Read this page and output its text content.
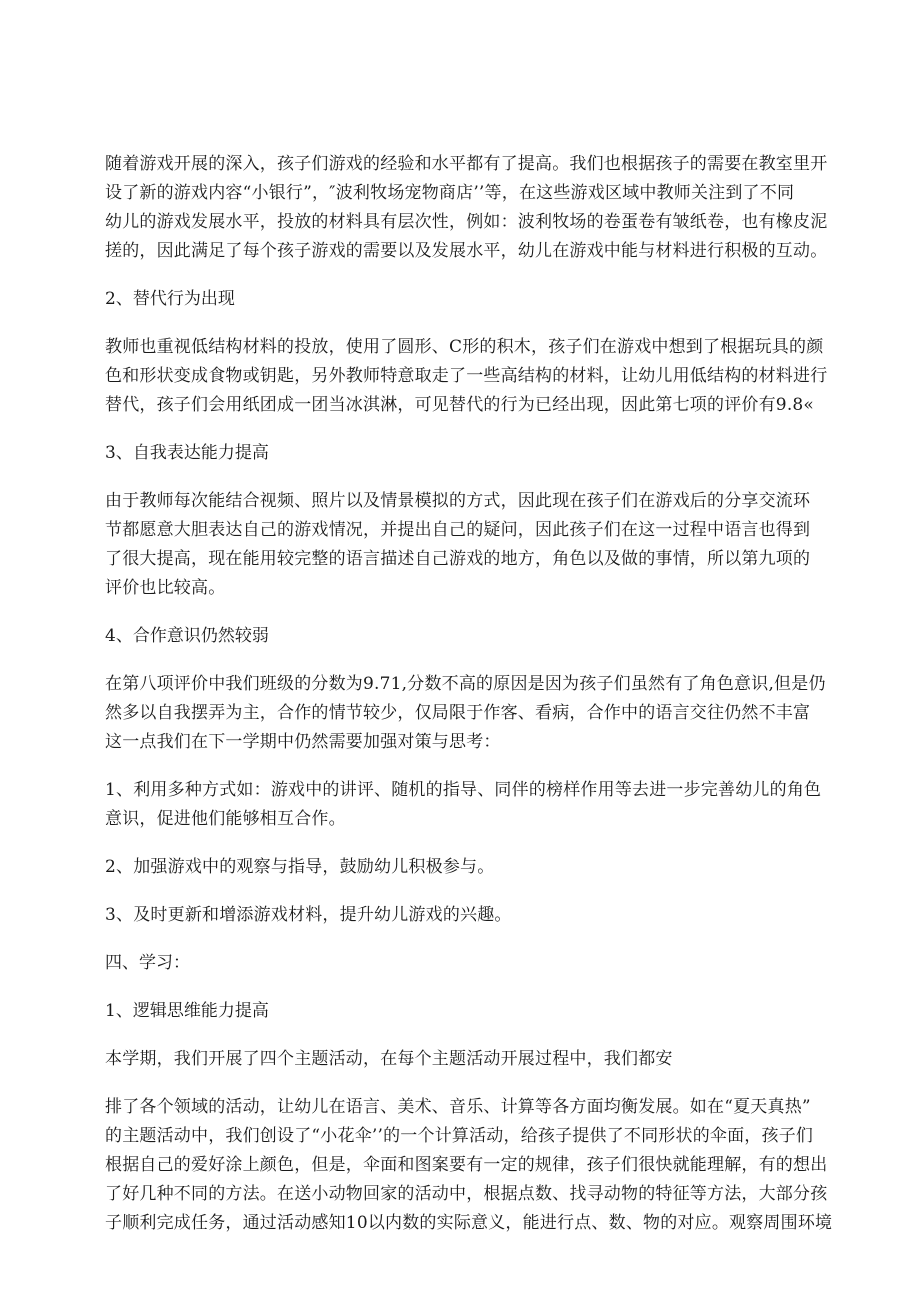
随着游戏开展的深入，孩子们游戏的经验和水平都有了提高。我们也根据孩子的需要在教室里开
设了新的游戏内容“小银行”，″波利牧场宠物商店’’等，在这些游戏区域中教师关注到了不同
幼儿的游戏发展水平，投放的材料具有层次性，例如：波利牧场的卷蛋卷有皱纸卷，也有橡皮泥
搓的，因此满足了每个孩子游戏的需要以及发展水平，幼儿在游戏中能与材料进行积极的互动。
2、替代行为出现
教师也重视低结构材料的投放，使用了圆形、C形的积木，孩子们在游戏中想到了根据玩具的颜
色和形状变成食物或钥匙，另外教师特意取走了一些高结构的材料，让幼儿用低结构的材料进行
替代，孩子们会用纸团成一团当冰淇淋，可见替代的行为已经出现，因此第七项的评价有9.8«
3、自我表达能力提高
由于教师每次能结合视频、照片以及情景模拟的方式，因此现在孩子们在游戏后的分享交流环
节都愿意大胆表达自己的游戏情况，并提出自己的疑问，因此孩子们在这一过程中语言也得到
了很大提高，现在能用较完整的语言描述自己游戏的地方，角色以及做的事情，所以第九项的
评价也比较高。
4、合作意识仍然较弱
在第八项评价中我们班级的分数为9.71,分数不高的原因是因为孩子们虽然有了角色意识,但是仍
然多以自我摆弄为主，合作的情节较少，仅局限于作客、看病，合作中的语言交往仍然不丰富
这一点我们在下一学期中仍然需要加强对策与思考：
1、利用多种方式如：游戏中的讲评、随机的指导、同伴的榜样作用等去进一步完善幼儿的角色
意识，促进他们能够相互合作。
2、加强游戏中的观察与指导，鼓励幼儿积极参与。
3、及时更新和增添游戏材料，提升幼儿游戏的兴趣。
四、学习：
1、逻辑思维能力提高
本学期，我们开展了四个主题活动，在每个主题活动开展过程中，我们都安
排了各个领域的活动，让幼儿在语言、美术、音乐、计算等各方面均衡发展。如在“夏天真热”
的主题活动中，我们创设了“小花伞’’的一个计算活动，给孩子提供了不同形状的伞面，孩子们
根据自己的爱好涂上颜色，但是，伞面和图案要有一定的规律，孩子们很快就能理解，有的想出
了好几种不同的方法。在送小动物回家的活动中，根据点数、找寻动物的特征等方法，大部分孩
子顺利完成任务，通过活动感知10以内数的实际意义，能进行点、数、物的对应。观察周围环境
